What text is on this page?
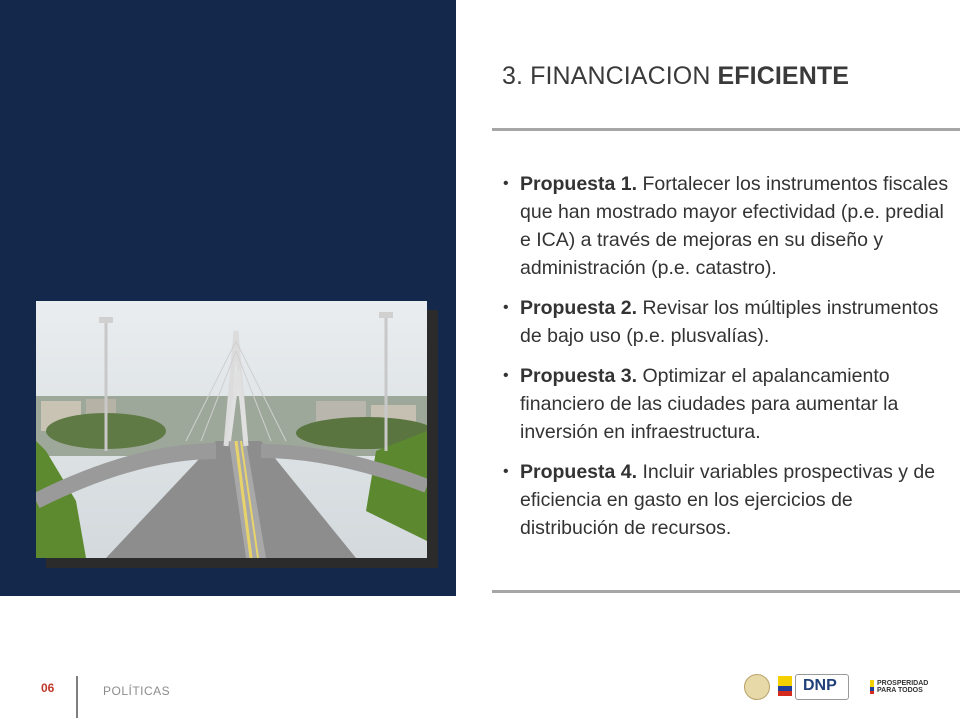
3. FINANCIACION EFICIENTE
• Propuesta 1. Fortalecer los instrumentos fiscales que han mostrado mayor efectividad (p.e. predial e ICA) a través de mejoras en su diseño y administración (p.e. catastro).
• Propuesta 2. Revisar los múltiples instrumentos de bajo uso (p.e. plusvalías).
• Propuesta 3. Optimizar el apalancamiento financiero de las ciudades para aumentar la inversión en infraestructura.
• Propuesta 4. Incluir variables prospectivas y de eficiencia en gasto en los ejercicios de distribución de recursos.
06	POLÍTICAS	DNP	PROSPERIDAD PARA TODOS
